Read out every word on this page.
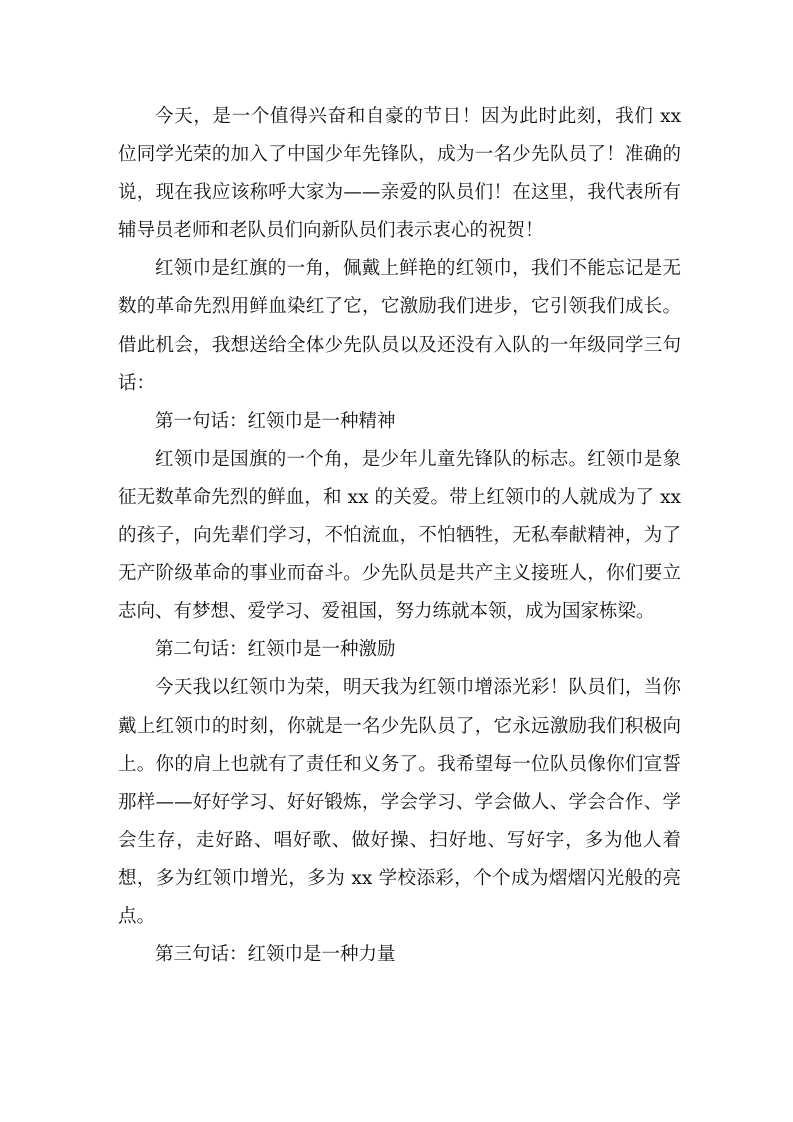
今天，是一个值得兴奋和自豪的节日！因为此时此刻，我们 xx 位同学光荣的加入了中国少年先锋队，成为一名少先队员了！准确的说，现在我应该称呼大家为——亲爱的队员们！在这里，我代表所有辅导员老师和老队员们向新队员们表示衷心的祝贺！

红领巾是红旗的一角，佩戴上鲜艳的红领巾，我们不能忘记是无数的革命先烈用鲜血染红了它，它激励我们进步，它引领我们成长。借此机会，我想送给全体少先队员以及还没有入队的一年级同学三句话：

第一句话：红领巾是一种精神

红领巾是国旗的一个角，是少年儿童先锋队的标志。红领巾是象征无数革命先烈的鲜血，和 xx 的关爱。带上红领巾的人就成为了 xx 的孩子，向先辈们学习，不怕流血，不怕牺牲，无私奉献精神，为了无产阶级革命的事业而奋斗。少先队员是共产主义接班人，你们要立志向、有梦想、爱学习、爱祖国，努力练就本领，成为国家栋梁。

第二句话：红领巾是一种激励

今天我以红领巾为荣，明天我为红领巾增添光彩！队员们，当你戴上红领巾的时刻，你就是一名少先队员了，它永远激励我们积极向上。你的肩上也就有了责任和义务了。我希望每一位队员像你们宣誓那样——好好学习、好好锻炼，学会学习、学会做人、学会合作、学会生存，走好路、唱好歌、做好操、扫好地、写好字，多为他人着想，多为红领巾增光，多为 xx 学校添彩，个个成为熠熠闪光般的亮点。

第三句话：红领巾是一种力量
